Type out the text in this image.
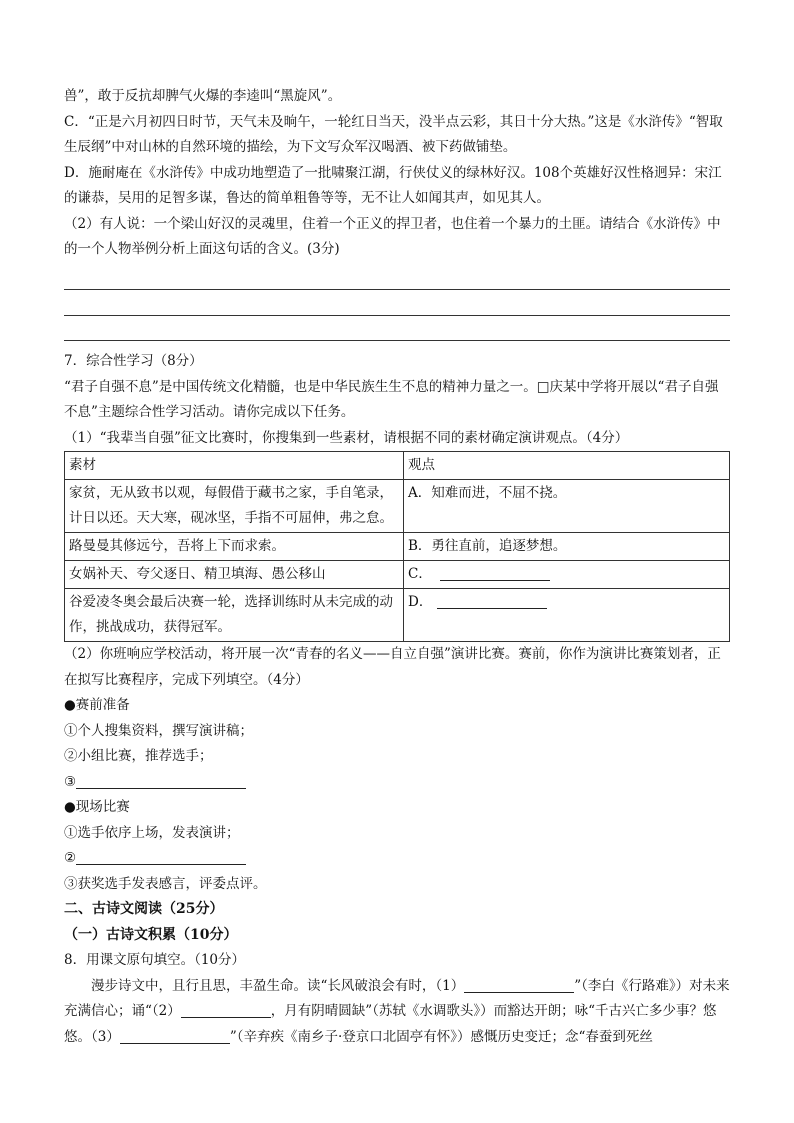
兽”，敢于反抗却脾气火爆的李逵叫“黑旋风”。

C．“正是六月初四日时节，天气未及晌午，一轮红日当天，没半点云彩，其日十分大热。”这是《水浒传》“智取生辰纲”中对山林的自然环境的描绘，为下文写众军汉喝酒、被下药做铺垫。

D．施耐庵在《水浒传》中成功地塑造了一批啸聚江湖，行侠仗义的绿林好汉。108个英雄好汉性格迥异：宋江的谦恭，吴用的足智多谋，鲁达的简单粗鲁等等，无不让人如闻其声，如见其人。

（2）有人说：一个梁山好汉的灵魂里，住着一个正义的捍卫者，也住着一个暴力的土匪。请结合《水浒传》中的一个人物举例分析上面这句话的含义。(3分)

7．综合性学习（8分）

“君子自强不息”是中国传统文化精髓，也是中华民族生生不息的精神力量之一。□庆某中学将开展以“君子自强不息”主题综合性学习活动。请你完成以下任务。

（1）“我辈当自强”征文比赛时，你搜集到一些素材，请根据不同的素材确定演讲观点。（4分）

素材	观点
家贫，无从致书以观，每假借于藏书之家，手自笔录，计日以还。天大寒，砚冰坚，手指不可屈伸，弗之怠。	A．知难而进，不屈不挠。
路曼曼其修远兮，吾将上下而求索。	B．勇往直前，追逐梦想。
女娲补天、夸父逐日、精卫填海、愚公移山	C．
谷爱凌冬奥会最后决赛一轮，选择训练时从未完成的动作，挑战成功，获得冠军。	D．

（2）你班响应学校活动，将开展一次“青春的名义——自立自强”演讲比赛。赛前，你作为演讲比赛策划者，正在拟写比赛程序，完成下列填空。（4分）

●赛前准备

①个人搜集资料，撰写演讲稿；

②小组比赛，推荐选手；

③

●现场比赛

①选手依序上场，发表演讲；

②

③获奖选手发表感言，评委点评。

二、古诗文阅读（25分）

（一）古诗文积累（10分）

8．用课文原句填空。（10分）

漫步诗文中，且行且思，丰盈生命。读“长风破浪会有时，（1）	”（李白《行路难》）对未来充满信心；诵“（2）	，月有阴晴圆缺”（苏轼《水调歌头》）而豁达开朗；咏“千古兴亡多少事？悠悠。（3）	”（辛弃疾《南乡子·登京口北固亭有怀》）感慨历史变迁；念“春蚕到死丝
